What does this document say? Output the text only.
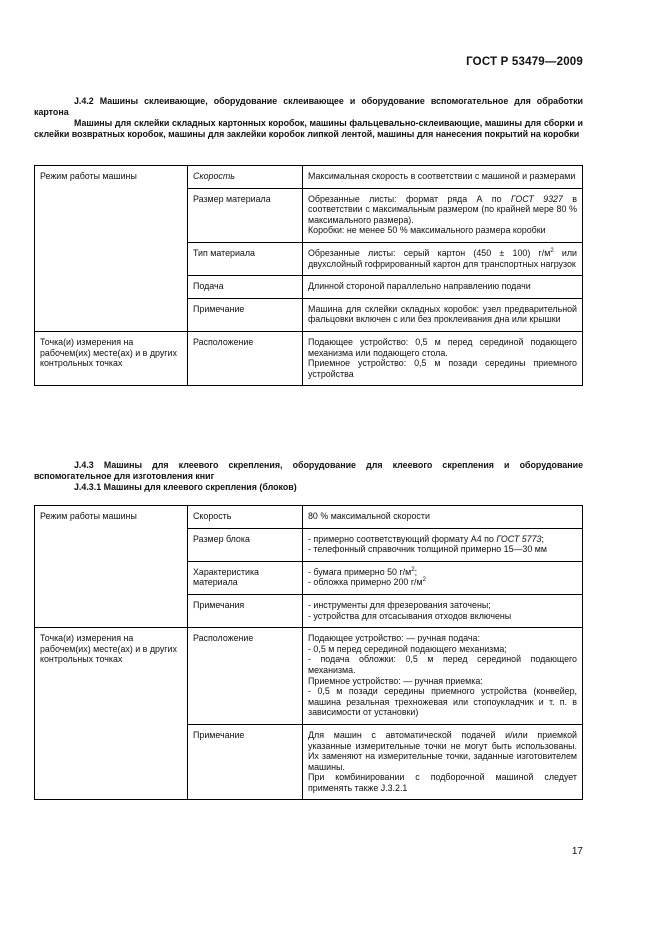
ГОСТ Р 53479—2009

J.4.2 Машины склеивающие, оборудование склеивающее и оборудование вспомогательное для обработки картона

Машины для склейки складных картонных коробок, машины фальцевально-склеивающие, машины для сборки и склейки возвратных коробок, машины для заклейки коробок липкой лентой, машины для нанесения покрытий на коробки

Режим работы машины	Скорость	Максимальная скорость в соответствии с машиной и размерами
	Размер материала	Обрезанные листы: формат ряда А по ГОСТ 9327 в соответствии с максимальным размером (по крайней мере 80 % максимального размера).
Коробки: не менее 50 % максимального размера коробки

	Тип материала	Обрезанные листы: серый картон (450 ± 100) $г/м^2$ или двухслойный гофрированный картон для транспортных нагрузок
	Подача	Длинной стороной параллельно направлению подачи
	Примечание	Машина для склейки складных коробок: узел предварительной фальцовки включен с или без проклеивания дна или крышки
Точка(и) измерения на рабочем(их) месте(ах) и в других контрольных точках	Расположение	Подающее устройство: 0,5 м перед серединой подающего механизма или подающего стола.
Приемное устройство: 0,5 м позади середины приемного устройства

J.4.3 Машины для клеевого скрепления, оборудование для клеевого скрепления и оборудование вспомогательное для изготовления книг

J.4.3.1 Машины для клеевого скрепления (блоков)

Режим работы машины	Скорость	80 % максимальной скорости
	Размер блока	- примерно соответствующий формату А4 по ГОСТ 5773;
- телефонный справочник толщиной примерно 15—30 мм

	Характеристика материала	- бумага примерно 50 $г/м^2$;
- обложка примерно 200 $г/м^2$

	Примечания	- инструменты для фрезерования заточены;
- устройства для отсасывания отходов включены

Точка(и) измерения на рабочем(их) месте(ах) и в других контрольных точках	Расположение	Подающее устройство: — ручная подача:
- 0,5 м перед серединой подающего механизма;
- подача обложки: 0,5 м перед серединой подающего механизма.
Приемное устройство: — ручная приемка:
- 0,5 м позади середины приемного устройства (конвейер, машина резальная трехножевая или стопоукладчик и т. п. в зависимости от установки)

	Примечание	Для машин с автоматической подачей и/или приемкой указанные измерительные точки не могут быть использованы. Их заменяют на измерительные точки, заданные изготовителем машины.
При комбинировании с подборочной машиной следует применять также J.3.2.1
17
